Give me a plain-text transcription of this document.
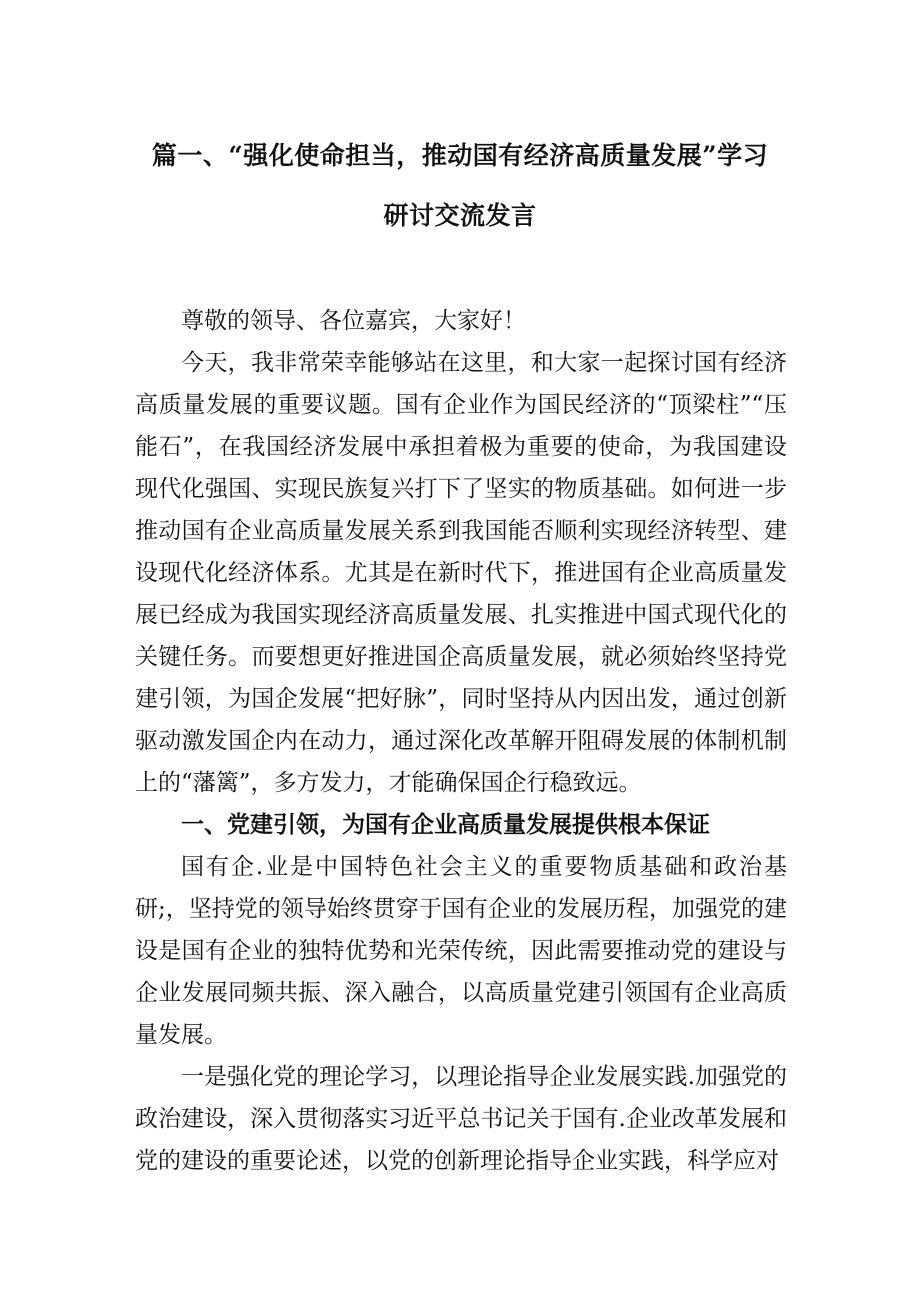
篇一、“强化使命担当，推动国有经济高质量发展”学习
研讨交流发言

尊敬的领导、各位嘉宾，大家好！

今天，我非常荣幸能够站在这里，和大家一起探讨国有经济高质量发展的重要议题。国有企业作为国民经济的“顶梁柱”“压能石”，在我国经济发展中承担着极为重要的使命，为我国建设现代化强国、实现民族复兴打下了坚实的物质基础。如何进一步推动国有企业高质量发展关系到我国能否顺利实现经济转型、建设现代化经济体系。尤其是在新时代下，推进国有企业高质量发展已经成为我国实现经济高质量发展、扎实推进中国式现代化的关键任务。而要想更好推进国企高质量发展，就必须始终坚持党建引领，为国企发展“把好脉”，同时坚持从内因出发，通过创新驱动激发国企内在动力，通过深化改革解开阻碍发展的体制机制上的“藩篱”，多方发力，才能确保国企行稳致远。

一、党建引领，为国有企业高质量发展提供根本保证

国有企.业是中国特色社会主义的重要物质基础和政治基研;，坚持党的领导始终贯穿于国有企业的发展历程，加强党的建设是国有企业的独特优势和光荣传统，因此需要推动党的建设与企业发展同频共振、深入融合，以高质量党建引领国有企业高质量发展。

一是强化党的理论学习，以理论指导企业发展实践.加强党的政治建设，深入贯彻落实习近平总书记关于国有.企业改革发展和党的建设的重要论述，以党的创新理论指导企业实践，科学应对
